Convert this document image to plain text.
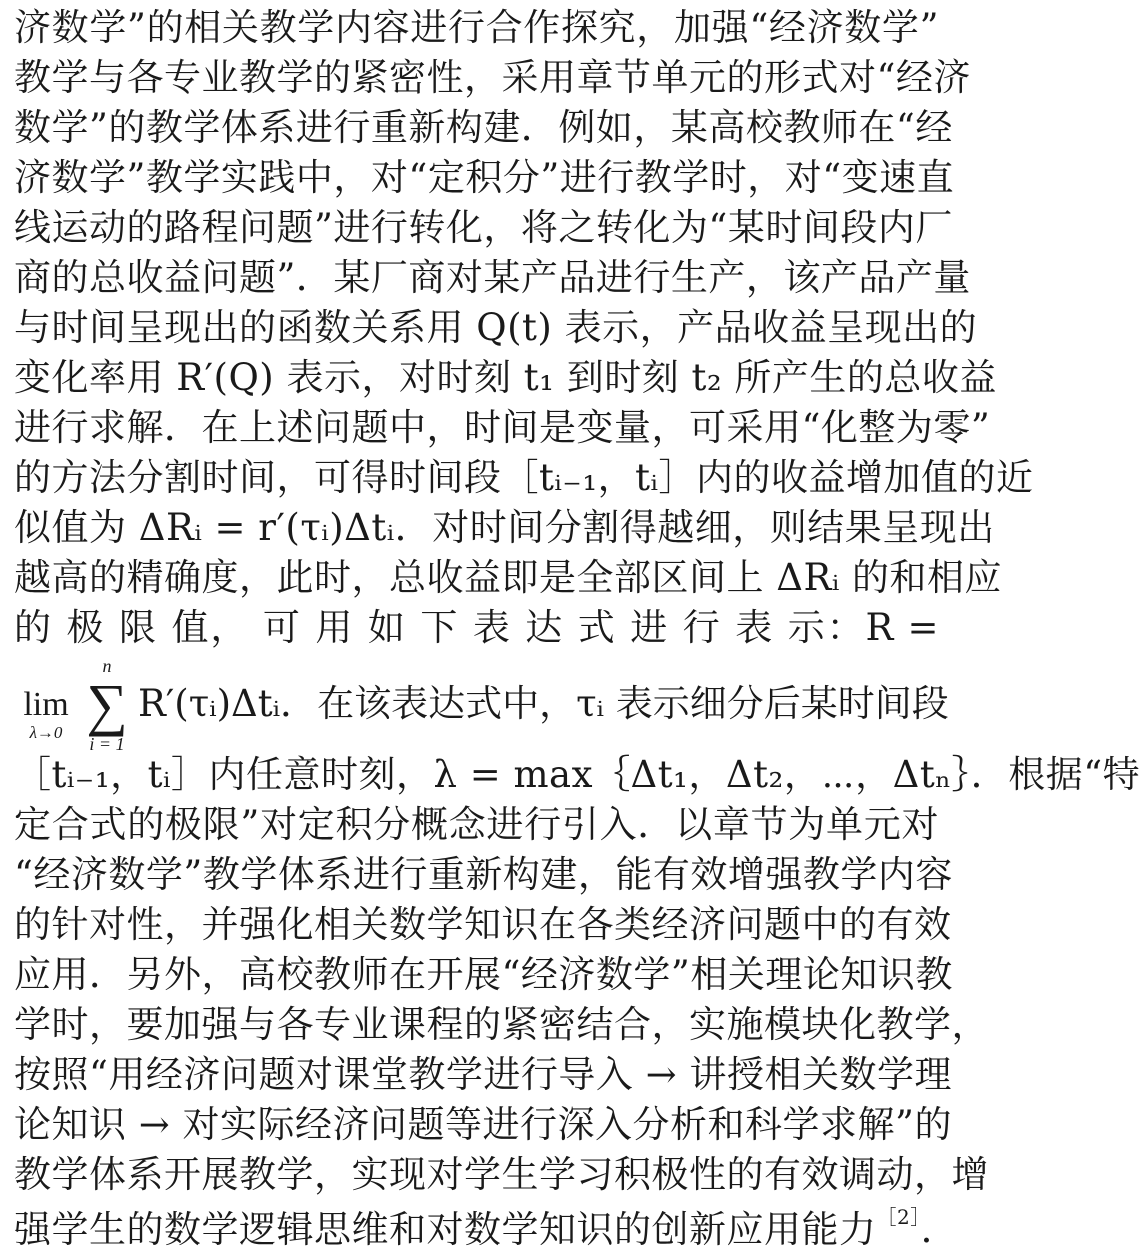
济数学”的相关教学内容进行合作探究，加强“经济数学”
教学与各专业教学的紧密性，采用章节单元的形式对“经济
数学”的教学体系进行重新构建．例如，某高校教师在“经
济数学”教学实践中，对“定积分”进行教学时，对“变速直
线运动的路程问题”进行转化，将之转化为“某时间段内厂
商的总收益问题”．某厂商对某产品进行生产，该产品产量
与时间呈现出的函数关系用 Q(t) 表示，产品收益呈现出的
变化率用 R′(Q) 表示，对时刻 t₁ 到时刻 t₂ 所产生的总收益
进行求解．在上述问题中，时间是变量，可采用“化整为零”
的方法分割时间，可得时间段［tᵢ₋₁，tᵢ］内的收益增加值的近
似值为 ΔRᵢ = r′(τᵢ)Δtᵢ．对时间分割得越细，则结果呈现出
越高的精确度，此时，总收益即是全部区间上 ΔRᵢ 的和相应
的 极 限 值， 可 用 如 下 表 达 式 进 行 表 示：R =
lim
λ→0
n
∑
i = 1
R′(τᵢ)Δtᵢ．在该表达式中，τᵢ 表示细分后某时间段
［tᵢ₋₁，tᵢ］内任意时刻，λ = max｛Δt₁，Δt₂，⋯，Δtₙ｝．根据“特
定合式的极限”对定积分概念进行引入．以章节为单元对
“经济数学”教学体系进行重新构建，能有效增强教学内容
的针对性，并强化相关数学知识在各类经济问题中的有效
应用．另外，高校教师在开展“经济数学”相关理论知识教
学时，要加强与各专业课程的紧密结合，实施模块化教学，
按照“用经济问题对课堂教学进行导入 → 讲授相关数学理
论知识 → 对实际经济问题等进行深入分析和科学求解”的
教学体系开展教学，实现对学生学习积极性的有效调动，增
强学生的数学逻辑思维和对数学知识的创新应用能力$^{[2]}$．
